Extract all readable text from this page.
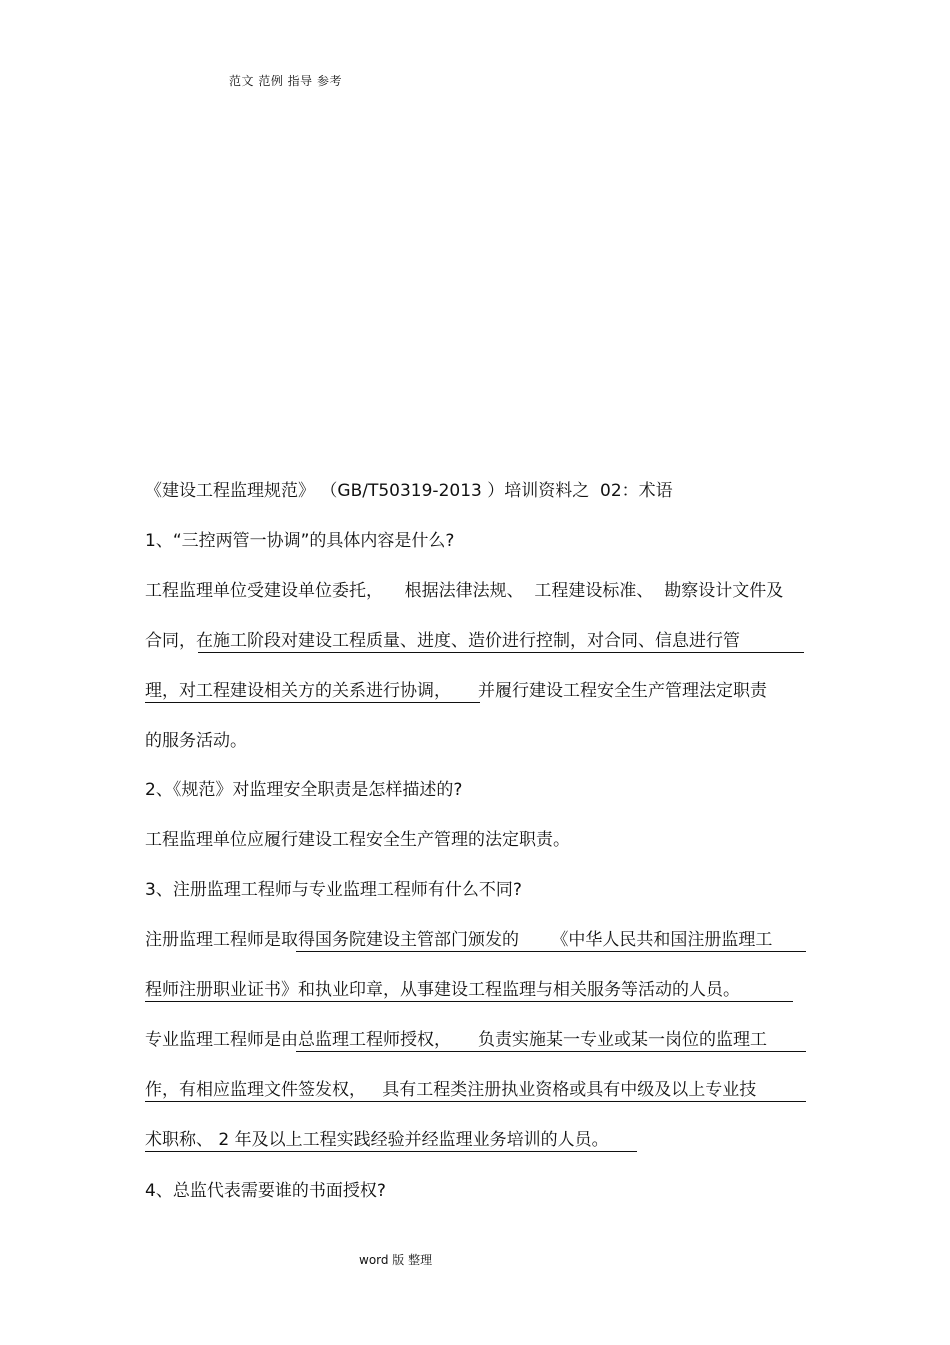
范文 范例 指导 参考
《建设工程监理规范》 （GB/T50319-2013 ）培训资料之  02：术语
1、“三控两管一协调”的具体内容是什么?
工程监理单位受建设单位委托，    根据法律法规、  工程建设标准、  勘察设计文件及
合同，在施工阶段对建设工程质量、进度、造价进行控制，对合同、信息进行管
理，对工程建设相关方的关系进行协调，     并履行建设工程安全生产管理法定职责
的服务活动。
2、《规范》对监理安全职责是怎样描述的?
工程监理单位应履行建设工程安全生产管理的法定职责。
3、注册监理工程师与专业监理工程师有什么不同?
注册监理工程师是取得国务院建设主管部门颁发的      《中华人民共和国注册监理工
程师注册职业证书》和执业印章，从事建设工程监理与相关服务等活动的人员。
专业监理工程师是由总监理工程师授权，     负责实施某一专业或某一岗位的监理工
作，有相应监理文件签发权，   具有工程类注册执业资格或具有中级及以上专业技
术职称、 2 年及以上工程实践经验并经监理业务培训的人员。
4、总监代表需要谁的书面授权?
word 版 整理
